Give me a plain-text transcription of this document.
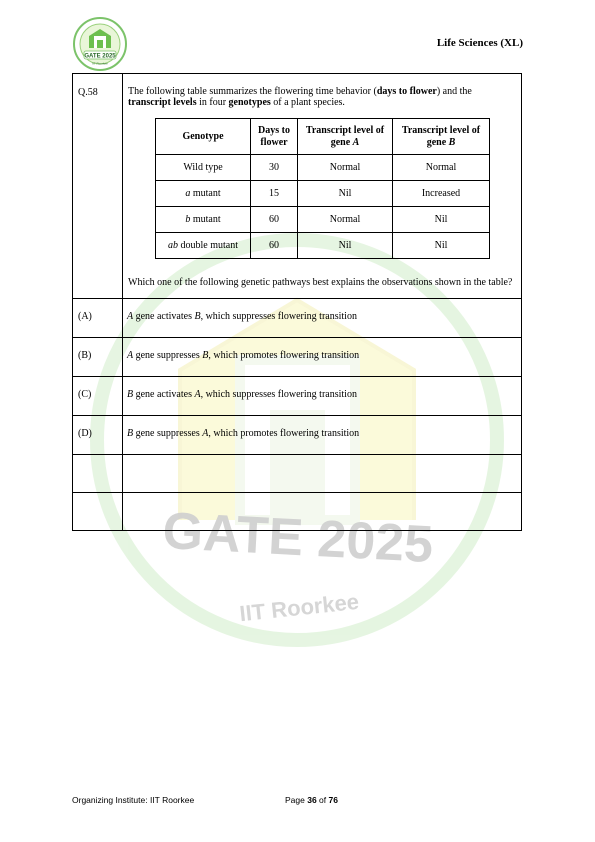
GATE 2025
IIT Roorkee
GATE 2025
IIT Roorkee
Life Sciences (XL)
Q.58	The following table summarizes the flowering time behavior (days to flower) and the transcript levels in four genotypes of a plant species.
Genotype	Days to flower	Transcript level of gene A	Transcript level of gene B
Wild type	30	Normal	Normal
a mutant	15	Nil	Increased
b mutant	60	Normal	Nil
ab double mutant	60	Nil	Nil
Which one of the following genetic pathways best explains the observations shown in the table?

(A)	A gene activates B, which suppresses flowering transition
(B)	A gene suppresses B, which promotes flowering transition
(C)	B gene activates A, which suppresses flowering transition
(D)	B gene suppresses A, which promotes flowering transition

Organizing Institute: IIT Roorkee	Page 36 of 76
